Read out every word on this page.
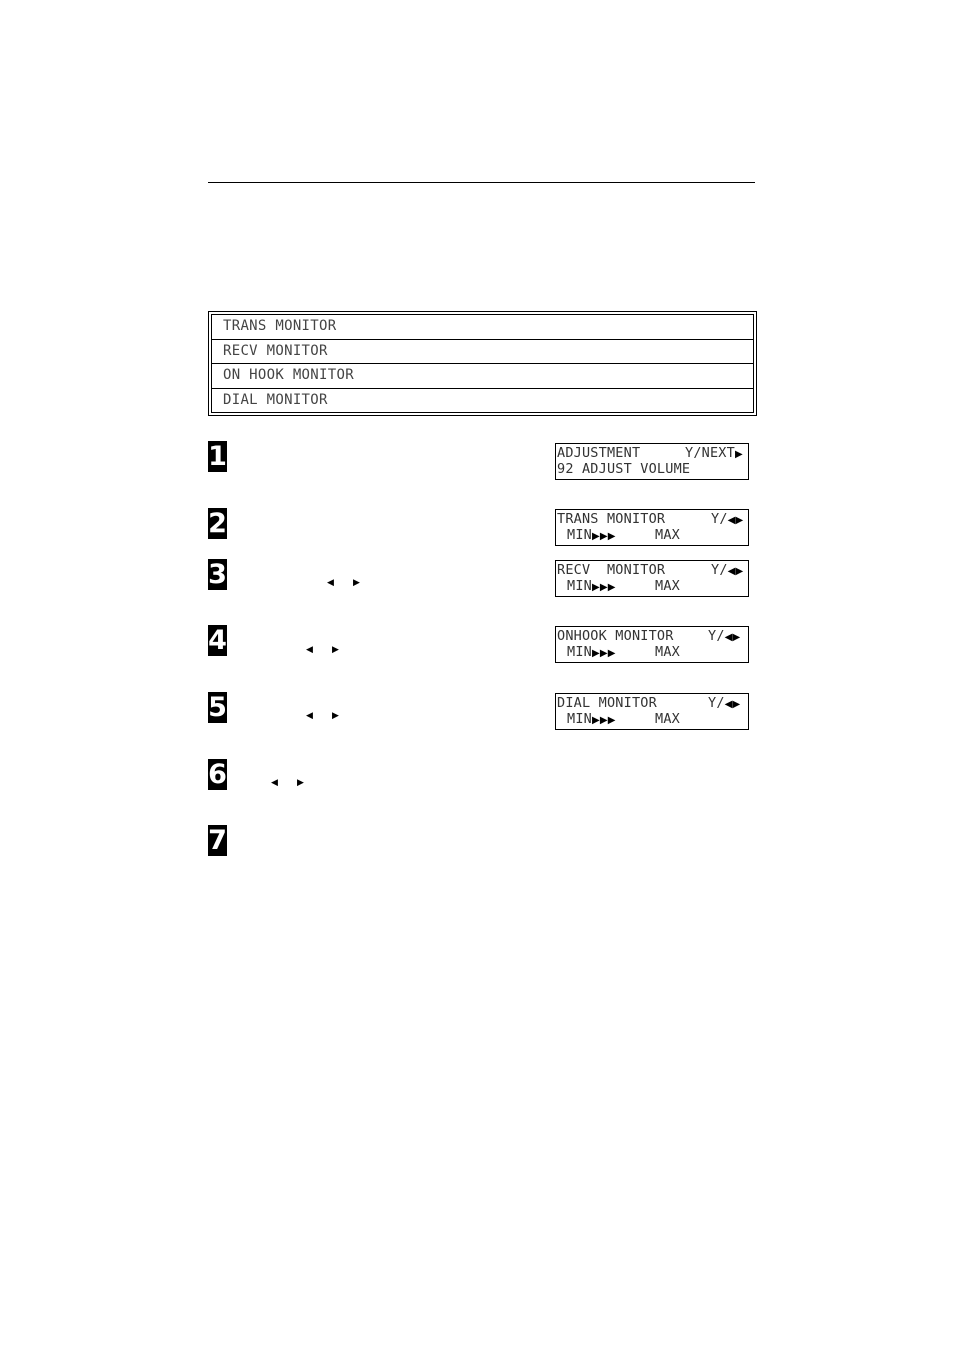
TRANS MONITOR
RECV MONITOR
ON HOOK MONITOR
DIAL MONITOR
1
2
3
4
5
6
7
◀ ▶
◀ ▶
◀ ▶
◀ ▶
ADJUSTMENT	Y/NEXT▶
92 ADJUST VOLUME
TRANS MONITOR	Y/◀▶
MIN▶▶▶	MAX
RECV  MONITOR	Y/◀▶
MIN▶▶▶	MAX
ONHOOK MONITOR	Y/◀▶
MIN▶▶▶	MAX
DIAL MONITOR	Y/◀▶
MIN▶▶▶	MAX
